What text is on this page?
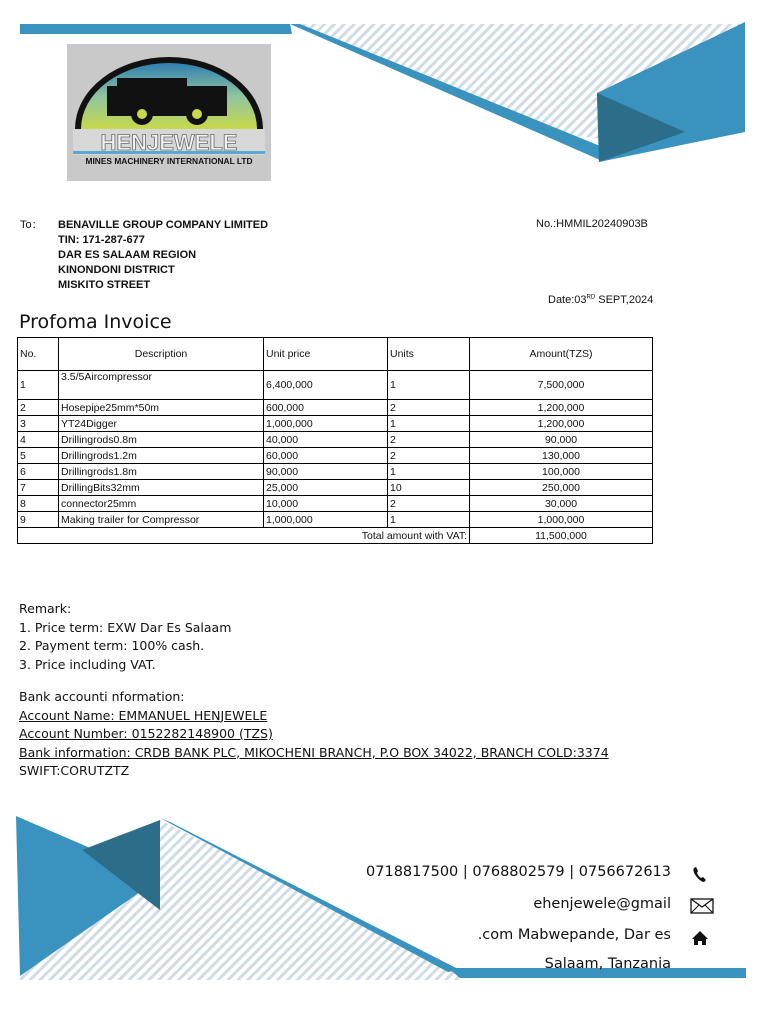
HENJEWELE
MINES MACHINERY INTERNATIONAL LTD
To： BENAVILLE GROUP COMPANY LIMITED
TIN: 171-287-677
DAR ES SALAAM REGION
KINONDONI DISTRICT
MISKITO STREET
No.:HMMIL20240903B
Date:03RD SEPT,2024
Profoma Invoice
No.	Description	Unit price	Units	Amount(TZS)
1	3.5/5Aircompressor	6,400,000	1	7,500,000
2	Hosepipe25mm*50m	600,000	2	1,200,000
3	YT24Digger	1,000,000	1	1,200,000
4	Drillingrods0.8m	40,000	2	90,000
5	Drillingrods1.2m	60,000	2	130,000
6	Drillingrods1.8m	90,000	1	100,000
7	DrillingBits32mm	25,000	10	250,000
8	connector25mm	10,000	2	30,000
9	Making trailer for Compressor	1,000,000	1	1,000,000
Total amount with VAT:				11,500,000
Remark:
1. Price term: EXW Dar Es Salaam
2. Payment term: 100% cash.
3. Price including VAT.
Bank accounti nformation:
Account Name: EMMANUEL HENJEWELE
Account Number: 0152282148900 (TZS)
Bank information: CRDB BANK PLC, MIKOCHENI BRANCH, P.O BOX 34022, BRANCH COLD:3374
SWIFT:CORUTZTZ
0718817500 | 0768802579 | 0756672613
ehenjewele@gmail
.com Mabwepande, Dar es
Salaam, Tanzania
